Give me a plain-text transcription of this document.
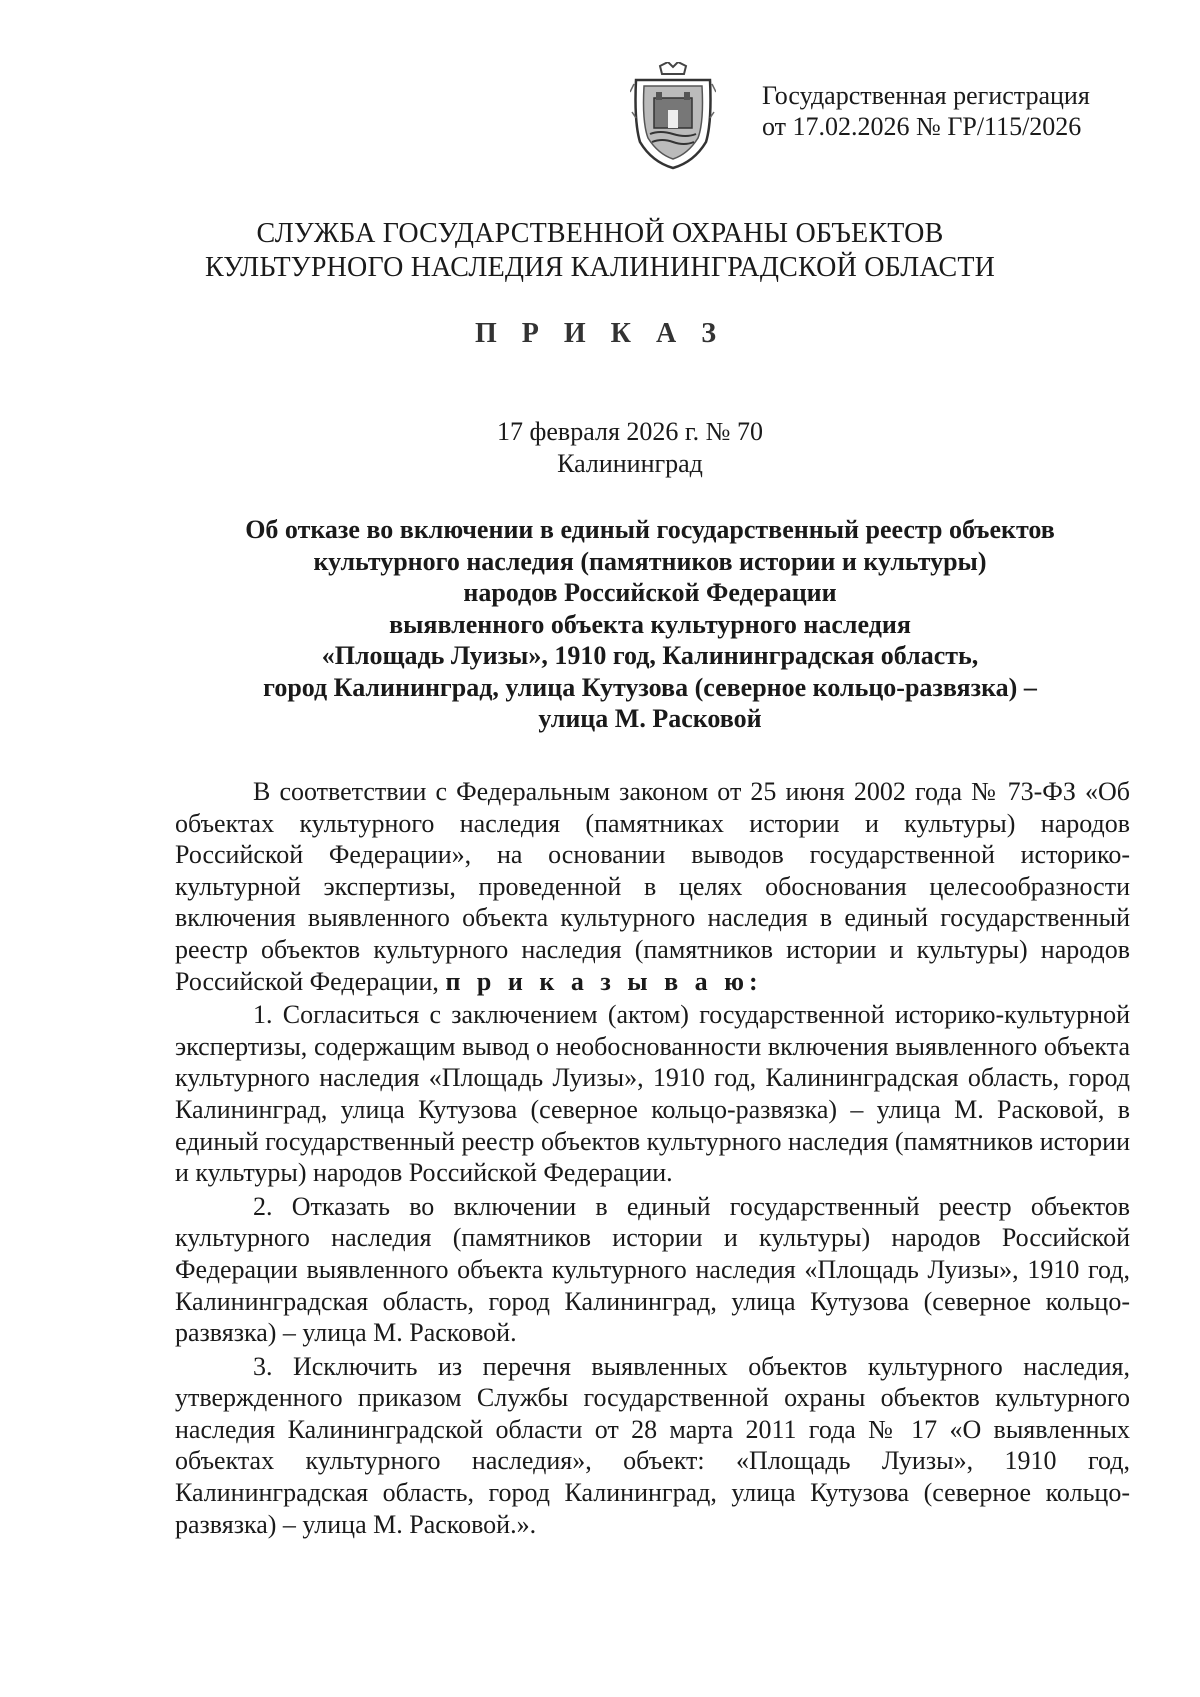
Государственная регистрация
от 17.02.2026 № ГР/115/2026
СЛУЖБА ГОСУДАРСТВЕННОЙ ОХРАНЫ ОБЪЕКТОВ
КУЛЬТУРНОГО НАСЛЕДИЯ КАЛИНИНГРАДСКОЙ ОБЛАСТИ
П Р И К А З
17 февраля 2026 г. № 70
Калининград
Об отказе во включении в единый государственный реестр объектов
культурного наследия (памятников истории и культуры)
народов Российской Федерации
выявленного объекта культурного наследия
«Площадь Луизы», 1910 год, Калининградская область,
город Калининград, улица Кутузова (северное кольцо-развязка) –
улица М. Расковой

В соответствии с Федеральным законом от 25 июня 2002 года № 73-ФЗ «Об объектах культурного наследия (памятниках истории и культуры) народов Российской Федерации», на основании выводов государственной историко-культурной экспертизы, проведенной в целях обоснования целесообразности включения выявленного объекта культурного наследия в единый государственный реестр объектов культурного наследия (памятников истории и культуры) народов Российской Федерации, п р и к а з ы в а ю:

1. Согласиться с заключением (актом) государственной историко-культурной экспертизы, содержащим вывод о необоснованности включения выявленного объекта культурного наследия «Площадь Луизы», 1910 год, Калининградская область, город Калининград, улица Кутузова (северное кольцо-развязка) – улица М. Расковой, в единый государственный реестр объектов культурного наследия (памятников истории и культуры) народов Российской Федерации.

2. Отказать во включении в единый государственный реестр объектов культурного наследия (памятников истории и культуры) народов Российской Федерации выявленного объекта культурного наследия «Площадь Луизы», 1910 год, Калининградская область, город Калининград, улица Кутузова (северное кольцо-развязка) – улица М. Расковой.

3. Исключить из перечня выявленных объектов культурного наследия, утвержденного приказом Службы государственной охраны объектов культурного наследия Калининградской области от 28 марта 2011 года № 17 «О выявленных объектах культурного наследия», объект: «Площадь Луизы», 1910 год, Калининградская область, город Калининград, улица Кутузова (северное кольцо-развязка) – улица М. Расковой.».
